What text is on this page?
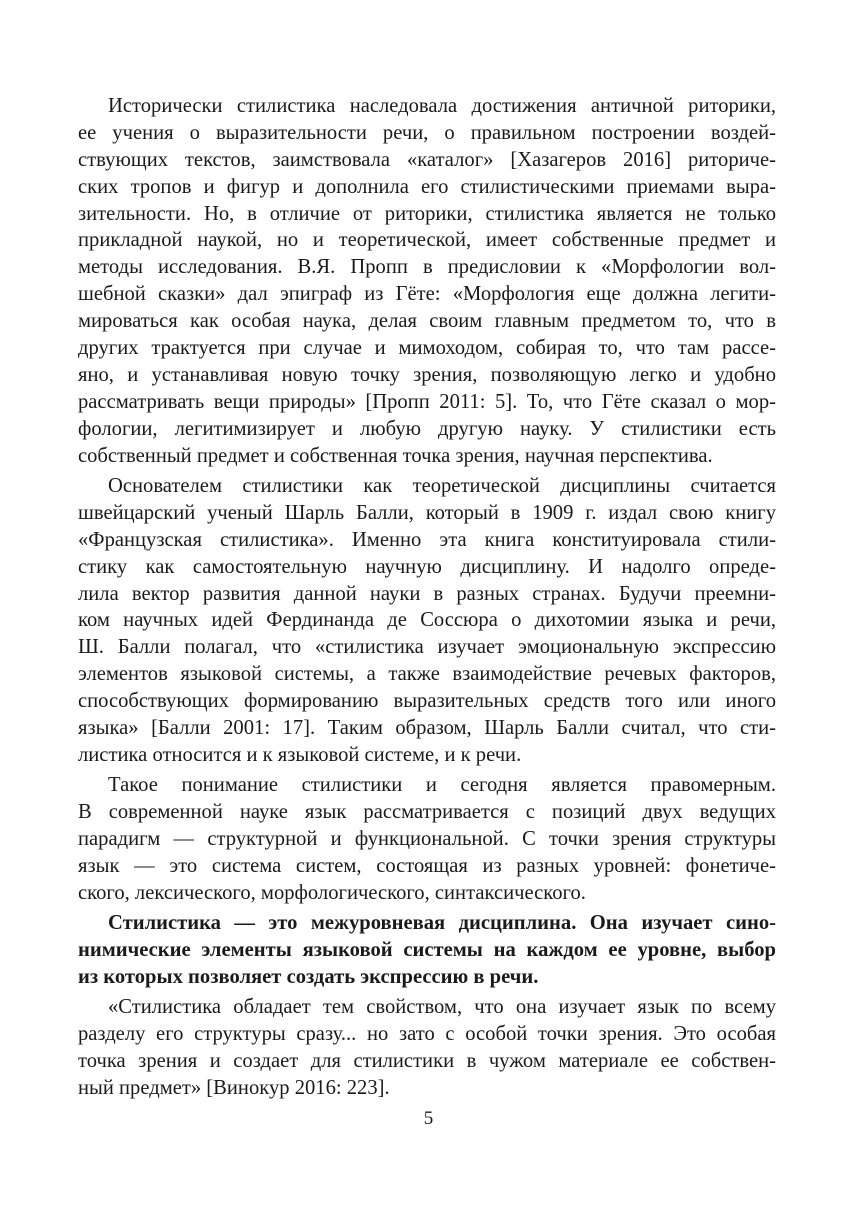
Исторически стилистика наследовала достижения античной риторики,
ее учения о выразительности речи, о правильном построении воздей-
ствующих текстов, заимствовала «каталог» [Хазагеров 2016] риториче-
ских тропов и фигур и дополнила его стилистическими приемами выра-
зительности. Но, в отличие от риторики, стилистика является не только
прикладной наукой, но и теоретической, имеет собственные предмет и
методы исследования. В.Я. Пропп в предисловии к «Морфологии вол-
шебной сказки» дал эпиграф из Гёте: «Морфология еще должна легити-
мироваться как особая наука, делая своим главным предметом то, что в
других трактуется при случае и мимоходом, собирая то, что там рассе-
яно, и устанавливая новую точку зрения, позволяющую легко и удобно
рассматривать вещи природы» [Пропп 2011: 5]. То, что Гёте сказал о мор-
фологии, легитимизирует и любую другую науку. У стилистики есть
собственный предмет и собственная точка зрения, научная перспектива.
Основателем стилистики как теоретической дисциплины считается
швейцарский ученый Шарль Балли, который в 1909 г. издал свою книгу
«Французская стилистика». Именно эта книга конституировала стили-
стику как самостоятельную научную дисциплину. И надолго опреде-
лила вектор развития данной науки в разных странах. Будучи преемни-
ком научных идей Фердинанда де Соссюра о дихотомии языка и речи,
Ш. Балли полагал, что «стилистика изучает эмоциональную экспрессию
элементов языковой системы, а также взаимодействие речевых факторов,
способствующих формированию выразительных средств того или иного
языка» [Балли 2001: 17]. Таким образом, Шарль Балли считал, что сти-
листика относится и к языковой системе, и к речи.
Такое понимание стилистики и сегодня является правомерным.
В современной науке язык рассматривается с позиций двух ведущих
парадигм — структурной и функциональной. С точки зрения структуры
язык — это система систем, состоящая из разных уровней: фонетиче-
ского, лексического, морфологического, синтаксического.
Стилистика — это межуровневая дисциплина. Она изучает сино-
нимические элементы языковой системы на каждом ее уровне, выбор
из которых позволяет создать экспрессию в речи.
«Стилистика обладает тем свойством, что она изучает язык по всему
разделу его структуры сразу... но зато с особой точки зрения. Это особая
точка зрения и создает для стилистики в чужом материале ее собствен-
ный предмет» [Винокур 2016: 223].
5
